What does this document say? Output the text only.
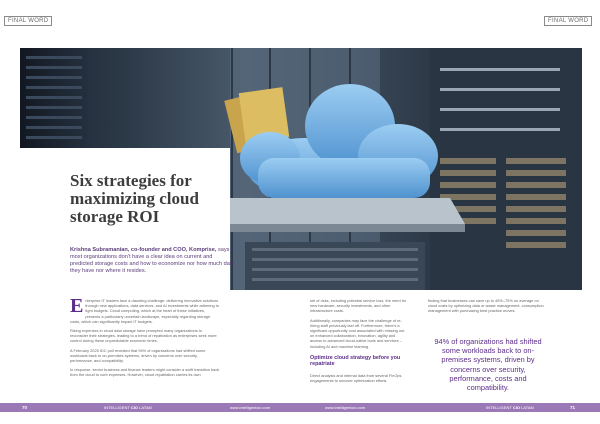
FINAL WORD	FINAL WORD
Six strategies for maximizing cloud storage ROI
Krishna Subramanian, co-founder and COO, Komprise, says most organizations don’t have a clear idea on current and predicted storage costs and how to economize nor how much data they have nor where it resides.

Enterprise IT leaders face a daunting challenge: delivering innovative solutions through new applications, data services, and AI investments while adhering to tight budgets. Cloud computing, which at the heart of these initiatives, presents a particularly uncertain landscape, especially regarding storage costs, which can significantly impact IT budgets.

Rising expenses in cloud data storage have prompted many organizations to reconsider their strategies, leading to a trend of repatriation as enterprises seek more control during these unpredictable economic times.

A February 2025 IDC poll revealed that 94% of organizations had shifted some workloads back to on-premises systems, driven by concerns over security, performance, and compatibility.

In response, senior business and finance leaders might consider a swift transition back from the cloud to curb expenses. However, cloud repatriation carries its own

set of risks, including potential service loss, the need for new hardware, security investments, and other infrastructure costs.

Additionally, companies may face the challenge of re-hiring staff previously laid off. Furthermore, there’s a significant opportunity cost associated with missing out on enhanced collaboration, innovation, agility and access to advanced cloud-native tools and services – including AI and machine learning.

Optimize cloud strategy before you repatriate

Direct analysis and internal data from several FinOps engagements to uncover optimization efforts

finding that businesses can save up to 45%–75% on average on cloud costs by optimizing data or waste management, consumption management with purchasing best practice moves.

94% of organizations had shifted some workloads back to on-premises systems, driven by concerns over security, performance, costs and compatibility.
70	INTELLIGENT CIO LATAM	www.intelligentcio.com	www.intelligentcio.com	INTELLIGENT CIO LATAM	71
